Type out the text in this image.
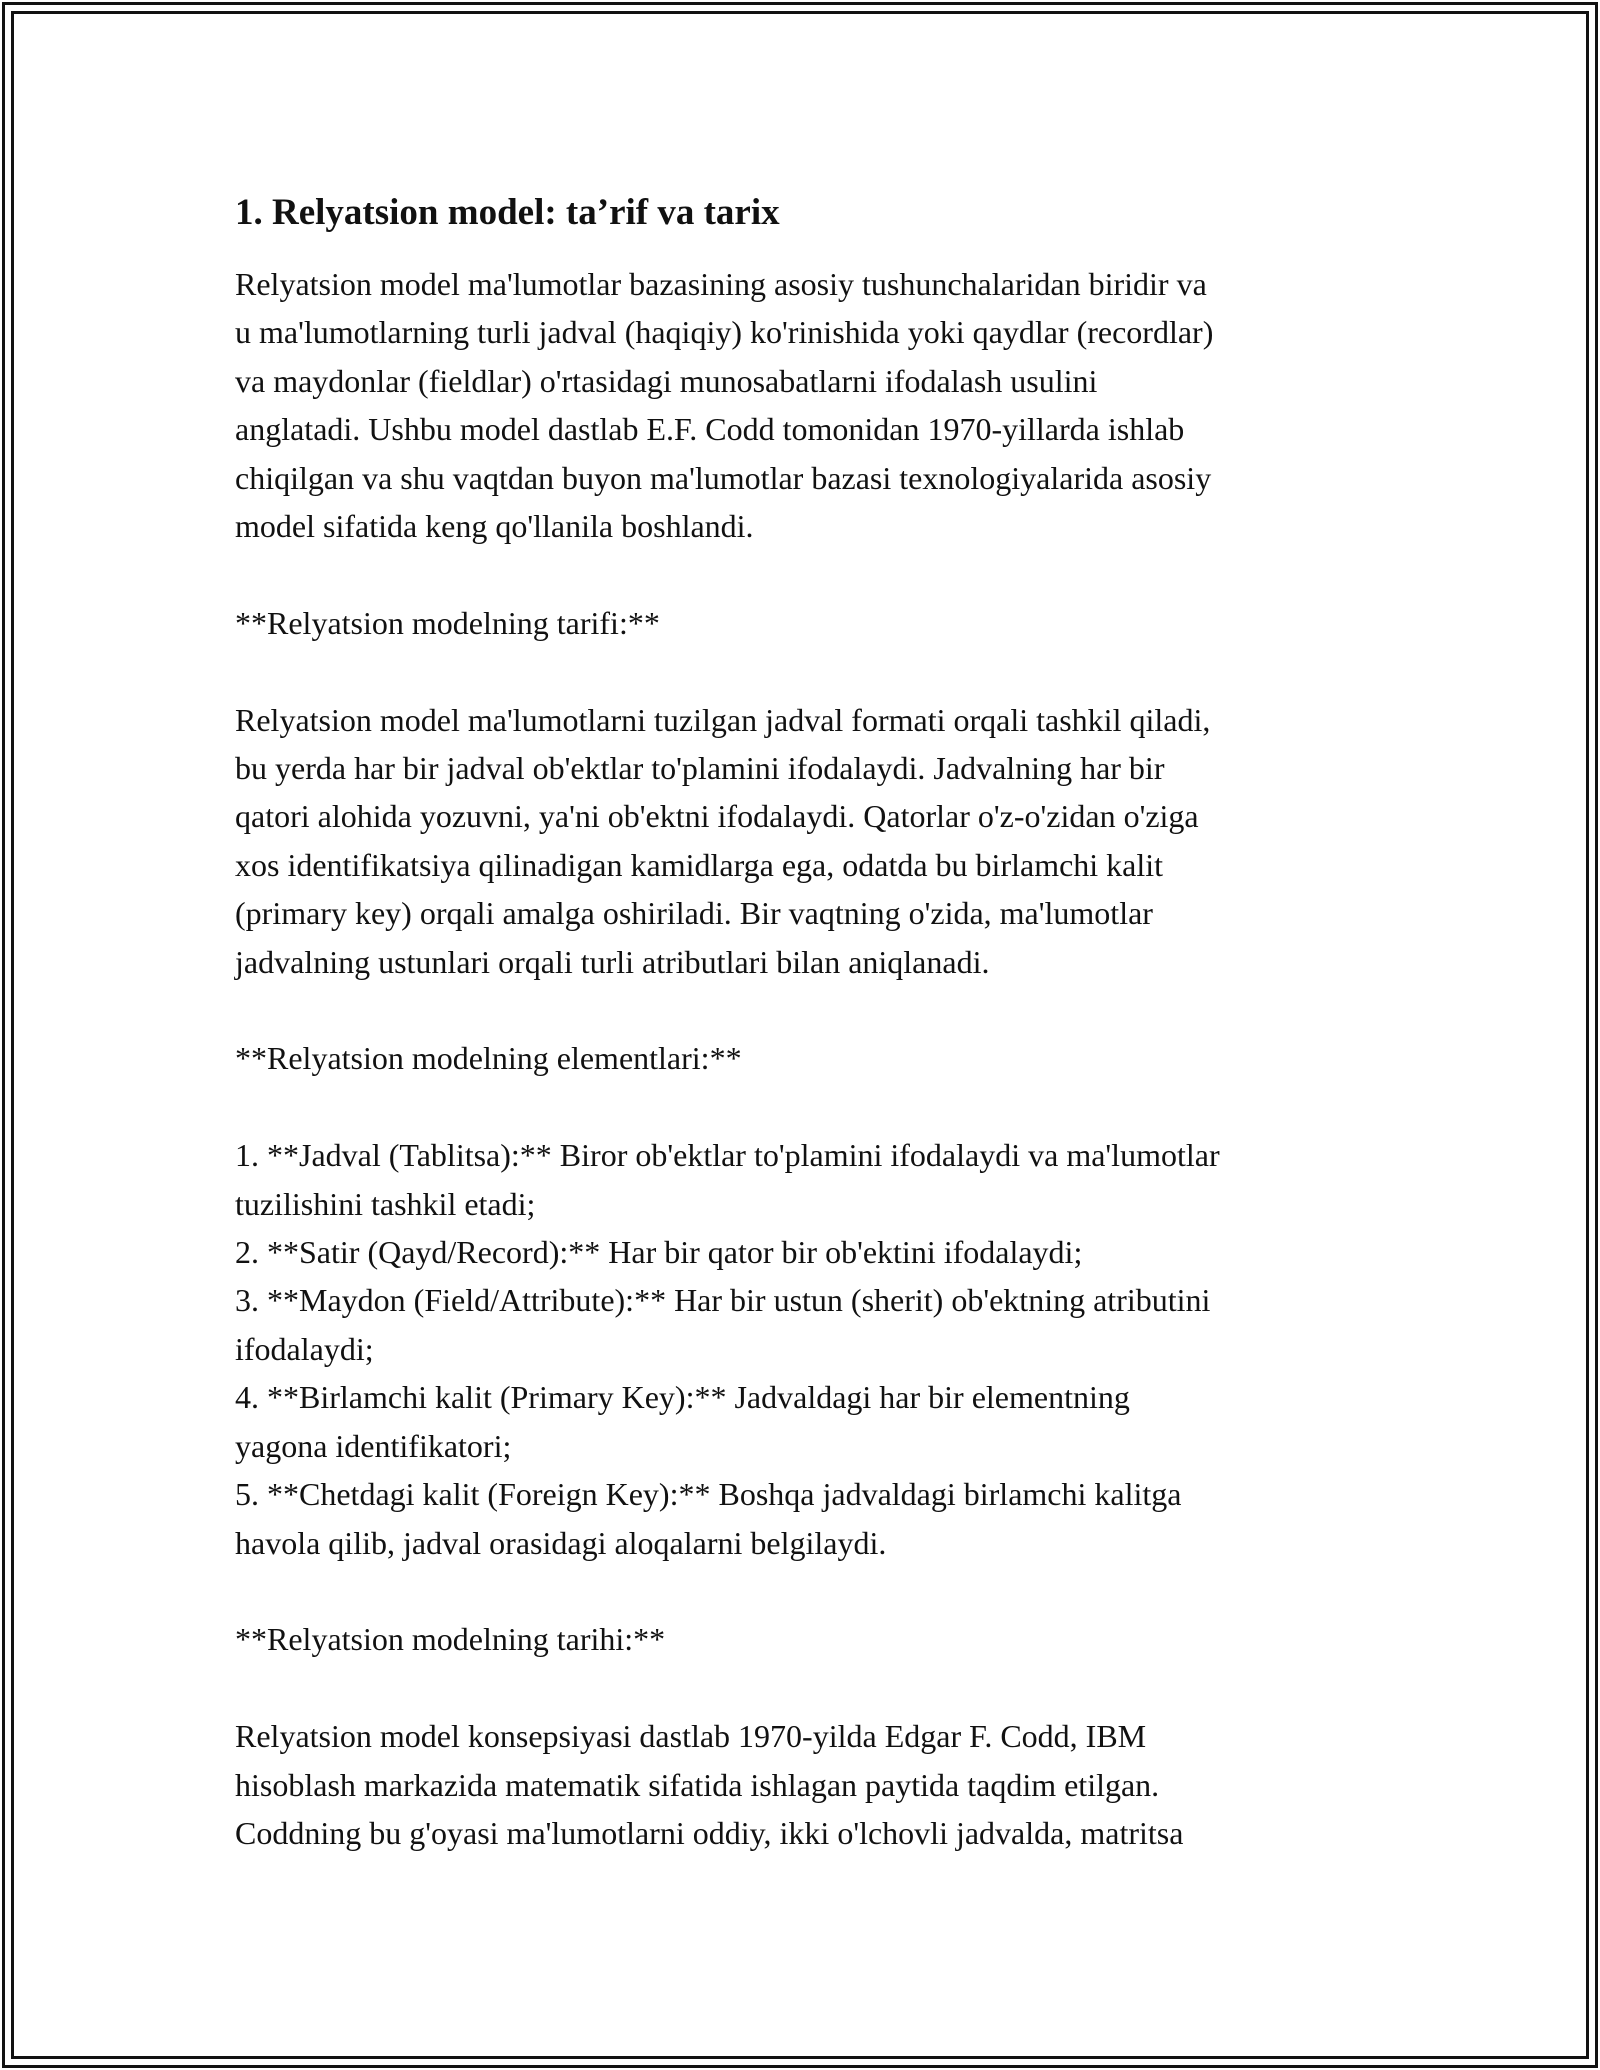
1. Relyatsion model: ta’rif va tarix
Relyatsion model ma'lumotlar bazasining asosiy tushunchalaridan biridir va
u ma'lumotlarning turli jadval (haqiqiy) ko'rinishida yoki qaydlar (recordlar)
va maydonlar (fieldlar) o'rtasidagi munosabatlarni ifodalash usulini
anglatadi. Ushbu model dastlab E.F. Codd tomonidan 1970-yillarda ishlab
chiqilgan va shu vaqtdan buyon ma'lumotlar bazasi texnologiyalarida asosiy
model sifatida keng qo'llanila boshlandi.
**Relyatsion modelning tarifi:**
Relyatsion model ma'lumotlarni tuzilgan jadval formati orqali tashkil qiladi,
bu yerda har bir jadval ob'ektlar to'plamini ifodalaydi. Jadvalning har bir
qatori alohida yozuvni, ya'ni ob'ektni ifodalaydi. Qatorlar o'z-o'zidan o'ziga
xos identifikatsiya qilinadigan kamidlarga ega, odatda bu birlamchi kalit
(primary key) orqali amalga oshiriladi. Bir vaqtning o'zida, ma'lumotlar
jadvalning ustunlari orqali turli atributlari bilan aniqlanadi.
**Relyatsion modelning elementlari:**
1. **Jadval (Tablitsa):** Biror ob'ektlar to'plamini ifodalaydi va ma'lumotlar
tuzilishini tashkil etadi;
2. **Satir (Qayd/Record):** Har bir qator bir ob'ektini ifodalaydi;
3. **Maydon (Field/Attribute):** Har bir ustun (sherit) ob'ektning atributini
ifodalaydi;
4. **Birlamchi kalit (Primary Key):** Jadvaldagi har bir elementning
yagona identifikatori;
5. **Chetdagi kalit (Foreign Key):** Boshqa jadvaldagi birlamchi kalitga
havola qilib, jadval orasidagi aloqalarni belgilaydi.
**Relyatsion modelning tarihi:**
Relyatsion model konsepsiyasi dastlab 1970-yilda Edgar F. Codd, IBM
hisoblash markazida matematik sifatida ishlagan paytida taqdim etilgan.
Coddning bu g'oyasi ma'lumotlarni oddiy, ikki o'lchovli jadvalda, matritsa
